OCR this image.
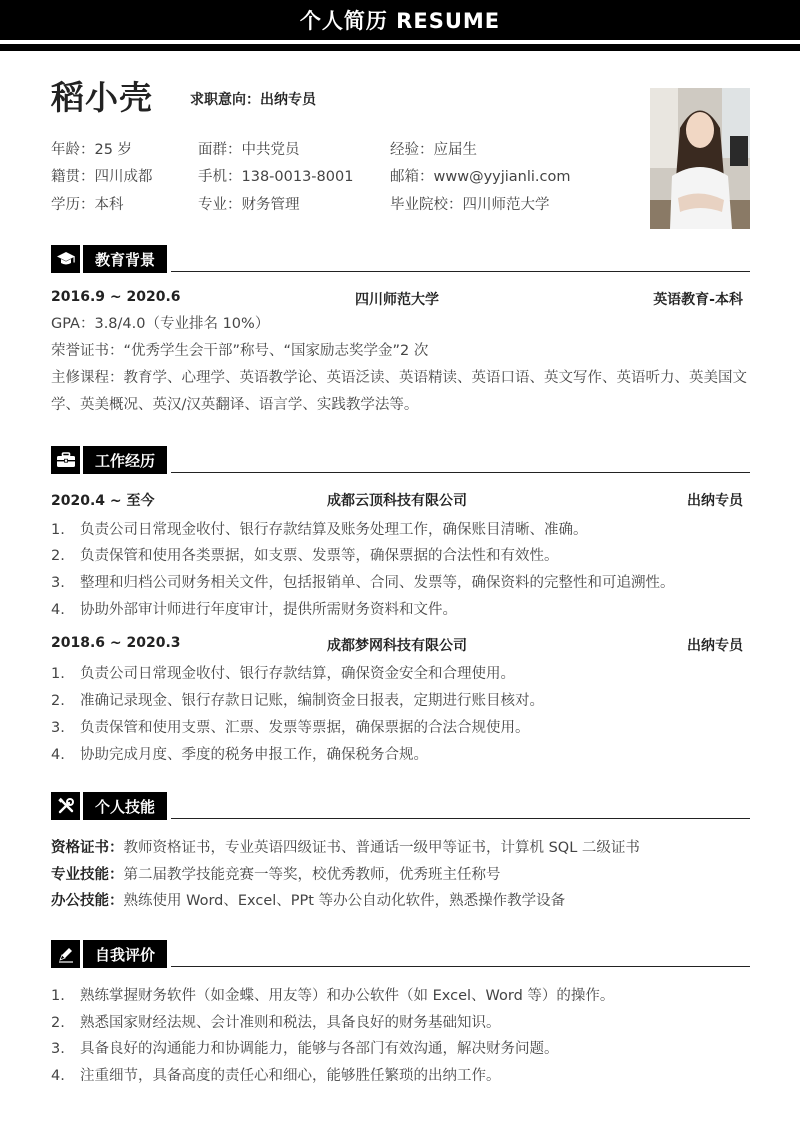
个人简历 RESUME
稻小壳	求职意向：出纳专员
年龄：25 岁	面群：中共党员	经验：应届生
籍贯：四川成都	手机：138-0013-8001	邮箱：www@yyjianli.com
学历：本科	专业：财务管理	毕业院校：四川师范大学
教育背景
2016.9 ~ 2020.6	四川师范大学	英语教育-本科
GPA：3.8/4.0（专业排名 10%）
荣誉证书：“优秀学生会干部”称号、“国家励志奖学金”2 次
主修课程：教育学、心理学、英语教学论、英语泛读、英语精读、英语口语、英文写作、英语听力、英美国文学、英美概况、英汉/汉英翻译、语言学、实践教学法等。
工作经历
2020.4 ~ 至今	成都云顶科技有限公司	出纳专员
1. 负责公司日常现金收付、银行存款结算及账务处理工作，确保账目清晰、准确。
2. 负责保管和使用各类票据，如支票、发票等，确保票据的合法性和有效性。
3. 整理和归档公司财务相关文件，包括报销单、合同、发票等，确保资料的完整性和可追溯性。
4. 协助外部审计师进行年度审计，提供所需财务资料和文件。
2018.6 ~ 2020.3	成都梦网科技有限公司	出纳专员
1. 负责公司日常现金收付、银行存款结算，确保资金安全和合理使用。
2. 准确记录现金、银行存款日记账，编制资金日报表，定期进行账目核对。
3. 负责保管和使用支票、汇票、发票等票据，确保票据的合法合规使用。
4. 协助完成月度、季度的税务申报工作，确保税务合规。
个人技能
资格证书：教师资格证书，专业英语四级证书、普通话一级甲等证书，计算机 SQL 二级证书
专业技能：第二届教学技能竞赛一等奖，校优秀教师，优秀班主任称号
办公技能：熟练使用 Word、Excel、PPt 等办公自动化软件，熟悉操作教学设备
自我评价
1. 熟练掌握财务软件（如金蝶、用友等）和办公软件（如 Excel、Word 等）的操作。
2. 熟悉国家财经法规、会计准则和税法，具备良好的财务基础知识。
3. 具备良好的沟通能力和协调能力，能够与各部门有效沟通，解决财务问题。
4. 注重细节，具备高度的责任心和细心，能够胜任繁琐的出纳工作。
